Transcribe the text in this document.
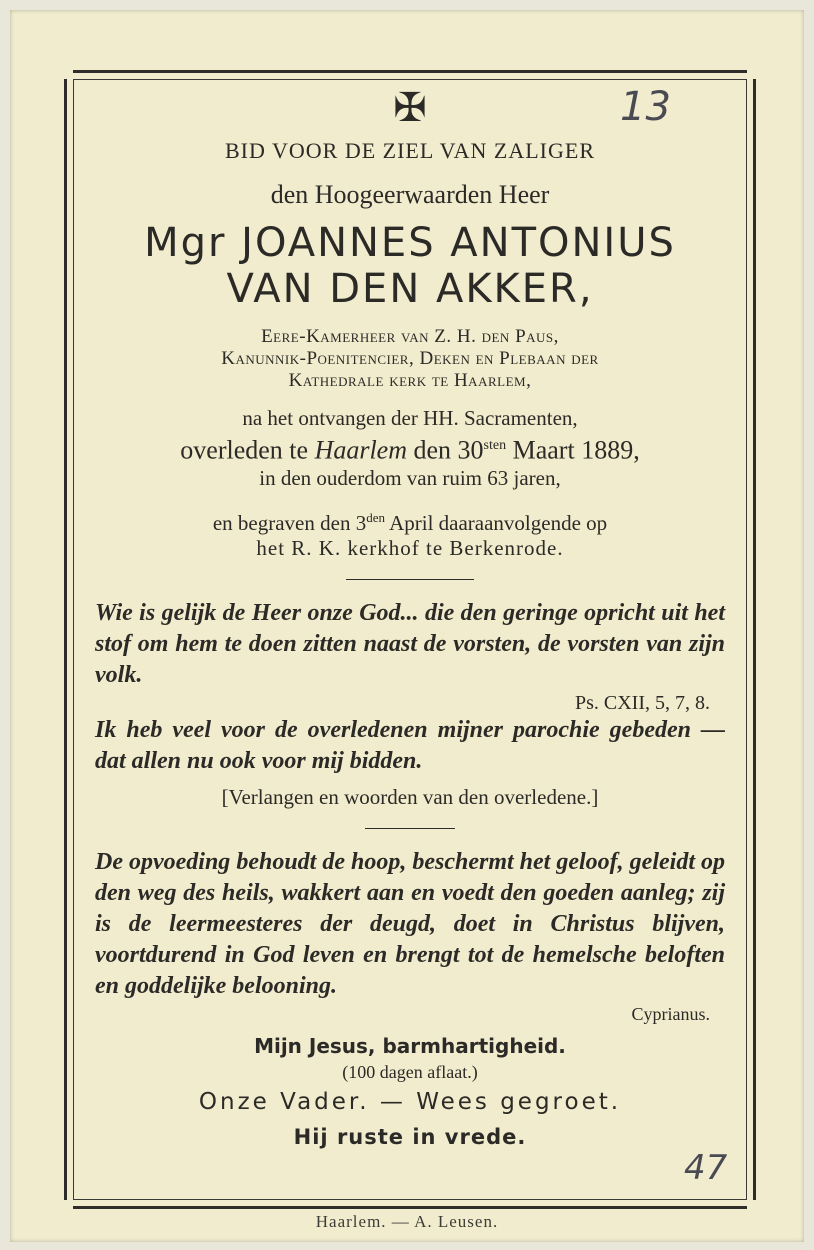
13
47
✠
BID VOOR DE ZIEL VAN ZALIGER
den Hoogeerwaarden Heer
Mgr JOANNES ANTONIUS
VAN DEN AKKER,
Eere-Kamerheer van Z. H. den Paus,
Kanunnik-Poenitencier, Deken en Plebaan der
Kathedrale kerk te Haarlem,
na het ontvangen der HH. Sacramenten,
overleden te Haarlem den $30^{sten}$ Maart 1889,
in den ouderdom van ruim 63 jaren,
en begraven den $3^{den}$ April daaraanvolgende op
het R. K. kerkhof te Berkenrode.
Wie is gelijk de Heer onze God... die den geringe opricht uit het stof om hem te doen zitten naast de vorsten, de vorsten van zijn volk.
Ps. CXII, 5, 7, 8.
Ik heb veel voor de overledenen mijner parochie gebeden — dat allen nu ook voor mij bidden.
[Verlangen en woorden van den overledene.]
De opvoeding behoudt de hoop, beschermt het geloof, geleidt op den weg des heils, wakkert aan en voedt den goeden aanleg; zij is de leermeesteres der deugd, doet in Christus blijven, voortdurend in God leven en brengt tot de hemelsche beloften en goddelijke belooning.
Cyprianus.
Mijn Jesus, barmhartigheid.
(100 dagen aflaat.)
Onze Vader. — Wees gegroet.
Hij ruste in vrede.
Haarlem. — A. Leusen.
